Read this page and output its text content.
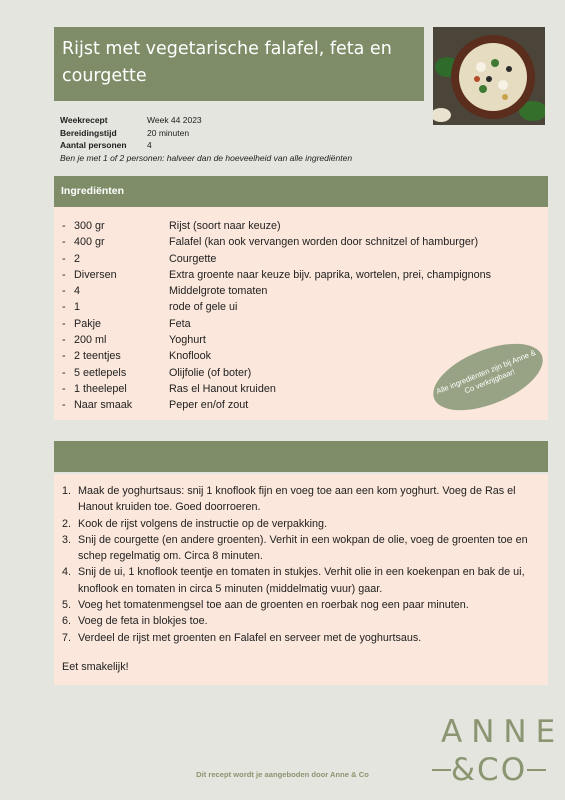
Rijst met vegetarische falafel, feta en courgette
Weekrecept	Week 44 2023
Bereidingstijd	20 minuten
Aantal personen	4
Ben je met 1 of 2 personen: halveer dan de hoeveelheid van alle ingrediënten
Ingrediënten
- 300 gr	Rijst (soort naar keuze)
- 400 gr	Falafel (kan ook vervangen worden door schnitzel of hamburger)
- 2	Courgette
- Diversen	Extra groente naar keuze bijv. paprika, wortelen, prei, champignons
- 4	Middelgrote tomaten
- 1	rode of gele ui
- Pakje	Feta
- 200 ml	Yoghurt
- 2 teentjes	Knoflook
- 5 eetlepels	Olijfolie (of boter)
- 1 theelepel	Ras el Hanout kruiden
- Naar smaak	Peper en/of zout
Alle ingrediënten zijn bij Anne & Co verkrijgbaar!
1. Maak de yoghurtsaus: snij 1 knoflook fijn en voeg toe aan een kom yoghurt. Voeg de Ras el Hanout kruiden toe. Goed doorroeren.
2. Kook de rijst volgens de instructie op de verpakking.
3. Snij de courgette (en andere groenten). Verhit in een wokpan de olie, voeg de groenten toe en schep regelmatig om. Circa 8 minuten.
4. Snij de ui, 1 knoflook teentje en tomaten in stukjes. Verhit olie in een koekenpan en bak de ui, knoflook en tomaten in circa 5 minuten (middelmatig vuur) gaar.
5. Voeg het tomatenmengsel toe aan de groenten en roerbak nog een paar minuten.
6. Voeg de feta in blokjes toe.
7. Verdeel de rijst met groenten en Falafel en serveer met de yoghurtsaus.
Eet smakelijk!
ANNE
&CO
Dit recept wordt je aangeboden door Anne & Co
